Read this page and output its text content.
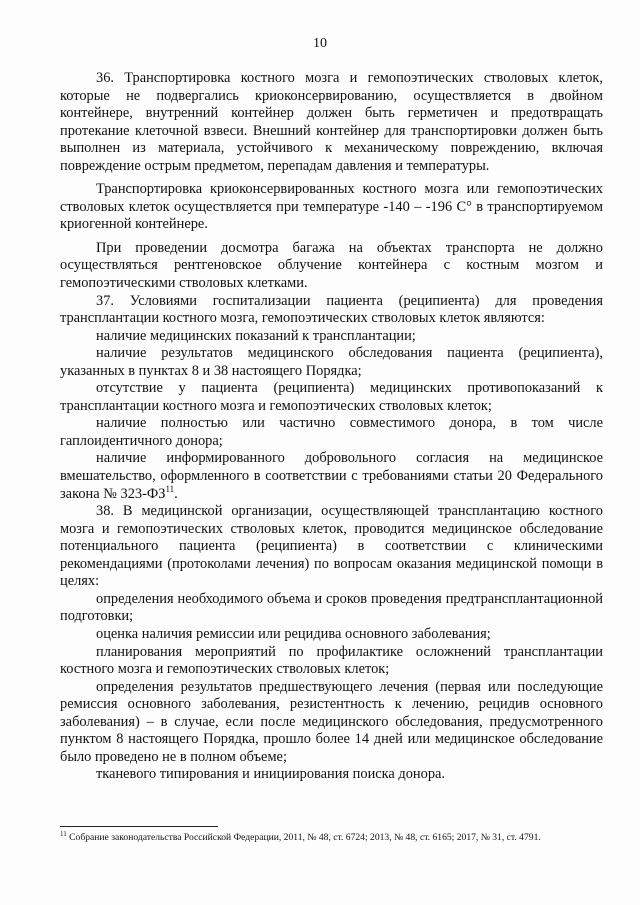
10

36. Транспортировка костного мозга и гемопоэтических стволовых клеток, которые не подвергались криоконсервированию, осуществляется в двойном контейнере, внутренний контейнер должен быть герметичен и предотвращать протекание клеточной взвеси. Внешний контейнер для транспортировки должен быть выполнен из материала, устойчивого к механическому повреждению, включая повреждение острым предметом, перепадам давления и температуры.

Транспортировка криоконсервированных костного мозга или гемопоэтических стволовых клеток осуществляется при температуре -140 – -196 С° в транспортируемом криогенной контейнере.

При проведении досмотра багажа на объектах транспорта не должно осуществляться рентгеновское облучение контейнера с костным мозгом и гемопоэтическими стволовых клетками.

37. Условиями госпитализации пациента (реципиента) для проведения трансплантации костного мозга, гемопоэтических стволовых клеток являются:

наличие медицинских показаний к трансплантации;

наличие результатов медицинского обследования пациента (реципиента), указанных в пунктах 8 и 38 настоящего Порядка;

отсутствие у пациента (реципиента) медицинских противопоказаний к трансплантации костного мозга и гемопоэтических стволовых клеток;

наличие полностью или частично совместимого донора, в том числе гаплоидентичного донора;

наличие информированного добровольного согласия на медицинское вмешательство, оформленного в соответствии с требованиями статьи 20 Федерального закона № 323-ФЗ$^{11}$.

38. В медицинской организации, осуществляющей трансплантацию костного мозга и гемопоэтических стволовых клеток, проводится медицинское обследование потенциального пациента (реципиента) в соответствии с клиническими рекомендациями (протоколами лечения) по вопросам оказания медицинской помощи в целях:

определения необходимого объема и сроков проведения предтрансплантационной подготовки;

оценка наличия ремиссии или рецидива основного заболевания;

планирования мероприятий по профилактике осложнений трансплантации костного мозга и гемопоэтических стволовых клеток;

определения результатов предшествующего лечения (первая или последующие ремиссия основного заболевания, резистентность к лечению, рецидив основного заболевания) – в случае, если после медицинского обследования, предусмотренного пунктом 8 настоящего Порядка, прошло более 14 дней или медицинское обследование было проведено не в полном объеме;

тканевого типирования и инициирования поиска донора.

$^{11}$ Собрание законодательства Российской Федерации, 2011, № 48, ст. 6724; 2013, № 48, ст. 6165; 2017, № 31, ст. 4791.
